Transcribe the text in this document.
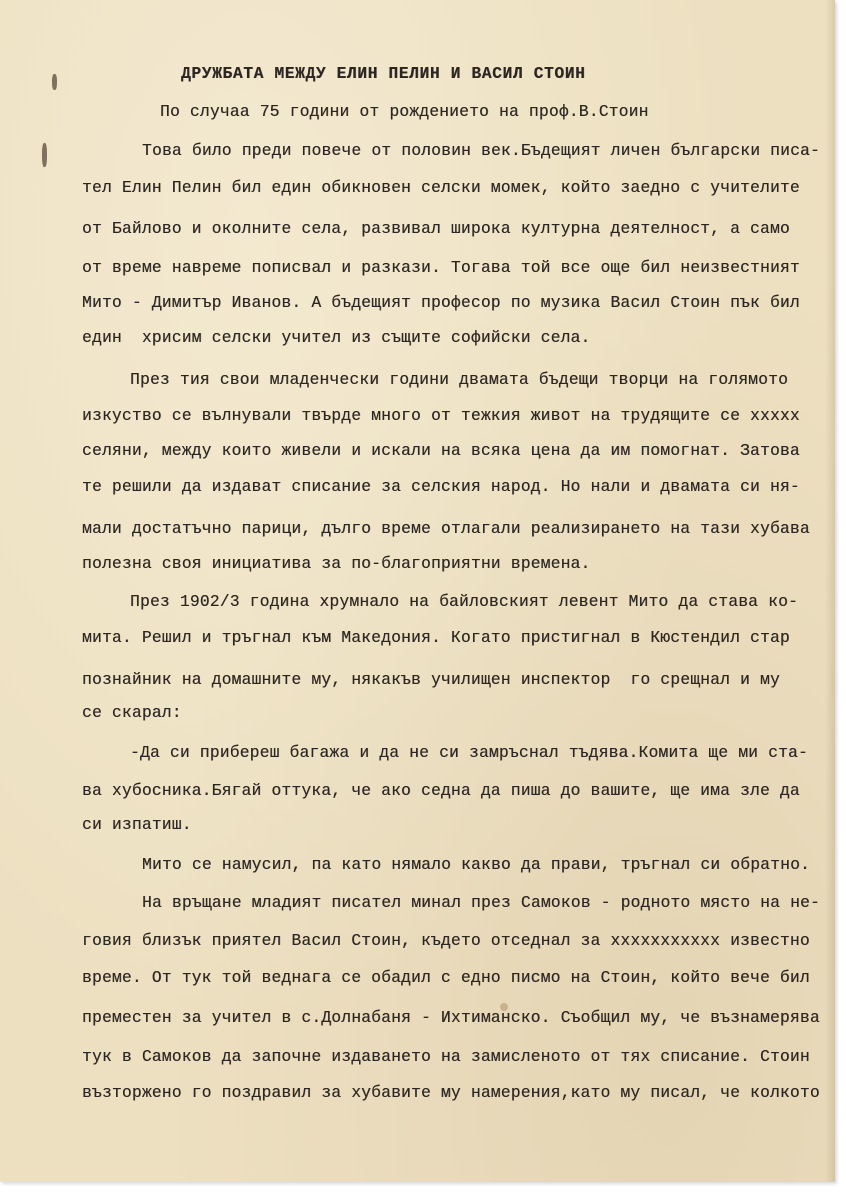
ДРУЖБАТА МЕЖДУ ЕЛИН ПЕЛИН И ВАСИЛ СТОИН
По случаа 75 години от рождението на проф.В.Стоин
Това било преди повече от половин век.Бъдещият личен български писа-
тел Елин Пелин бил един обикновен селски момек, който заедно с учителите
от Байлово и околните села, развивал широка културна деятелност, а само
от време навреме пописвал и разкази. Тогава той все още бил неизвестният
Мито - Димитър Иванов. А бъдещият професор по музика Васил Стоин пък бил
един  хрисим селски учител из същите софийски села.
През тия свои младенчески години двамата бъдещи творци на голямото
изкуство се вълнували твърде много от тежкия живот на трудящите се xxxxx
селяни, между които живели и искали на всяка цена да им помогнат. Затова
те решили да издават списание за селския народ. Но нали и двамата си ня-
мали достатъчно парици, дълго време отлагали реализирането на тази хубава
полезна своя инициатива за по-благоприятни времена.
През 1902/3 година хрумнало на байловският левент Мито да става ко-
мита. Решил и тръгнал към Македония. Когато пристигнал в Кюстендил стар
познайник на домашните му, някакъв училищен инспектор  го срещнал и му
се скарал:
-Да си прибереш багажа и да не си замръснал тъдява.Комита ще ми ста-
ва хубосника.Бягай оттука, че ако седна да пиша до вашите, ще има зле да
си изпатиш.
Мито се намусил, па като нямало какво да прави, тръгнал си обратно.
На връщане младият писател минал през Самоков - родното място на не-
говия близък приятел Васил Стоин, където отседнал за xxxxxxxxxxx известно
време. От тук той веднага се обадил с едно писмо на Стоин, който вече бил
преместен за учител в с.Долнабаня - Ихтиманско. Съобщил му, че възнамерява
тук в Самоков да започне издаването на замисленото от тях списание. Стоин
възторжено го поздравил за хубавите му намерения,като му писал, че колкото
